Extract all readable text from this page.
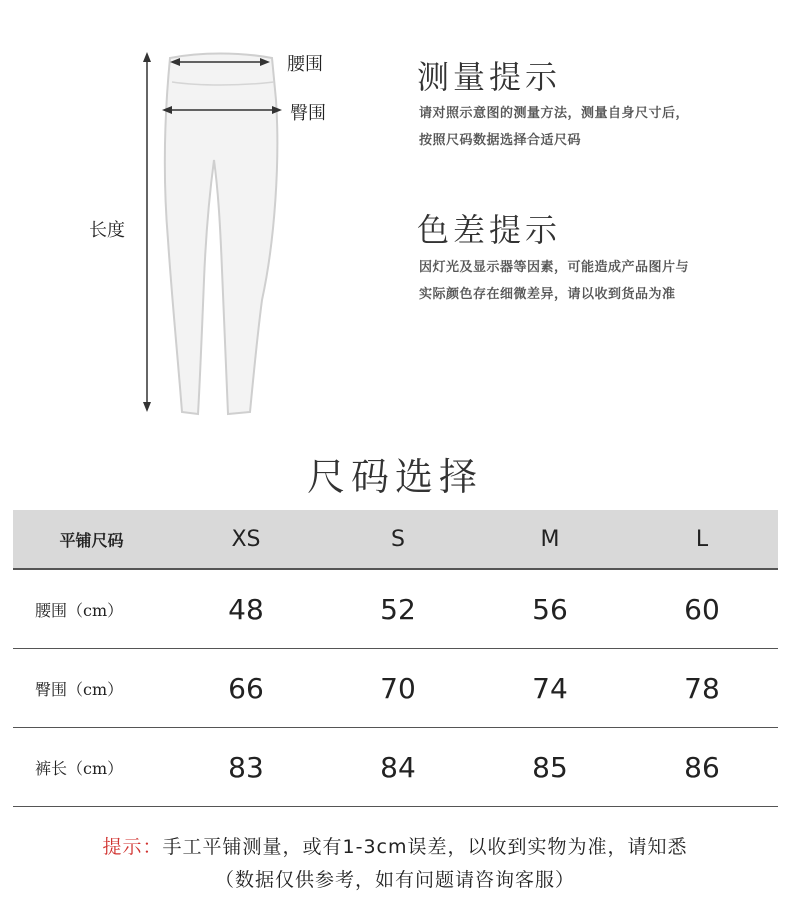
腰围
臀围
长度
测量提示
请对照示意图的测量方法，测量自身尺寸后，
按照尺码数据选择合适尺码
色差提示
因灯光及显示器等因素，可能造成产品图片与
实际颜色存在细微差异，请以收到货品为准
尺码选择
平铺尺码	XS	S	M	L
腰围（cm）	48	52	56	60
臀围（cm）	66	70	74	78
裤长（cm）	83	84	85	86
提示：手工平铺测量，或有1-3cm误差，以收到实物为准，请知悉
（数据仅供参考，如有问题请咨询客服）
